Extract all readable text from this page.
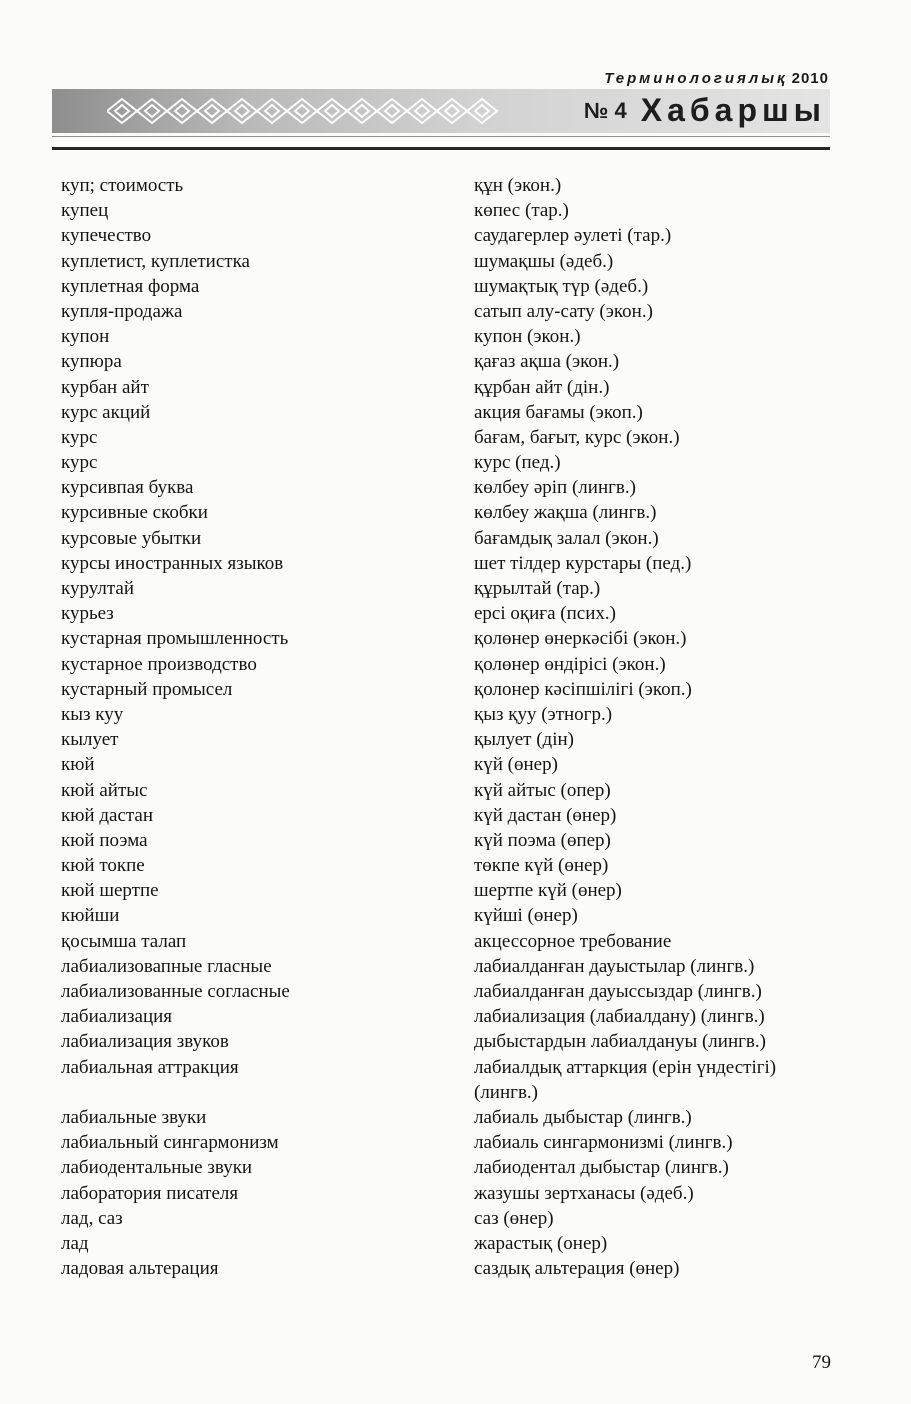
Терминологиялық 2010
№ 4 Хабаршы
куп; стоимость	құн (экон.)
купец	көпес (тар.)
купечество	саудагерлер әулеті (тар.)
куплетист, куплетистка	шумақшы (әдеб.)
куплетная форма	шумақтық түр (әдеб.)
купля-продажа	сатып алу-сату (экон.)
купон	купон (экон.)
купюра	қағаз ақша (экон.)
курбан айт	құрбан айт (дін.)
курс акций	акция бағамы (экоп.)
курс	бағам, бағыт, курс (экон.)
курс	курс (пед.)
курсивпая буква	көлбеу әріп (лингв.)
курсивные скобки	көлбеу жақша (лингв.)
курсовые убытки	бағамдық залал (экон.)
курсы иностранных языков	шет тілдер курстары (пед.)
курултай	құрылтай (тар.)
курьез	ерсі оқиға (псих.)
кустарная промышленность	қолөнер өнеркәсібі (экон.)
кустарное производство	қолөнер өндірісі (экон.)
кустарный промысел	қолонер кәсіпшілігі (экоп.)
кыз куу	қыз қуу (этногр.)
кылует	қылует (дін)
кюй	күй (өнер)
кюй айтыс	күй айтыс (опер)
кюй дастан	күй дастан (өнер)
кюй поэма	күй поэма (өпер)
кюй токпе	төкпе күй (өнер)
кюй шертпе	шертпе күй (өнер)
кюйши	күйші (өнер)
қосымша талап	акцессорное требование
лабиализовапные гласные	лабиалданған дауыстылар (лингв.)
лабиализованные согласные	лабиалданған дауыссыздар (лингв.)
лабиализация	лабиализация (лабиалдану) (лингв.)
лабиализация звуков	дыбыстардын лабиалдануы (лингв.)
лабиальная аттракция	лабиалдық аттаркция (ерін үндестігі) (лингв.)
лабиальные звуки	лабиаль дыбыстар (лингв.)
лабиальный сингармонизм	лабиаль сингармонизмі (лингв.)
лабиодентальные звуки	лабиодентал дыбыстар (лингв.)
лаборатория писателя	жазушы зертханасы (әдеб.)
лад, саз	саз (өнер)
лад	жарастық (онер)
ладовая альтерация	саздық альтерация (өнер)
79
